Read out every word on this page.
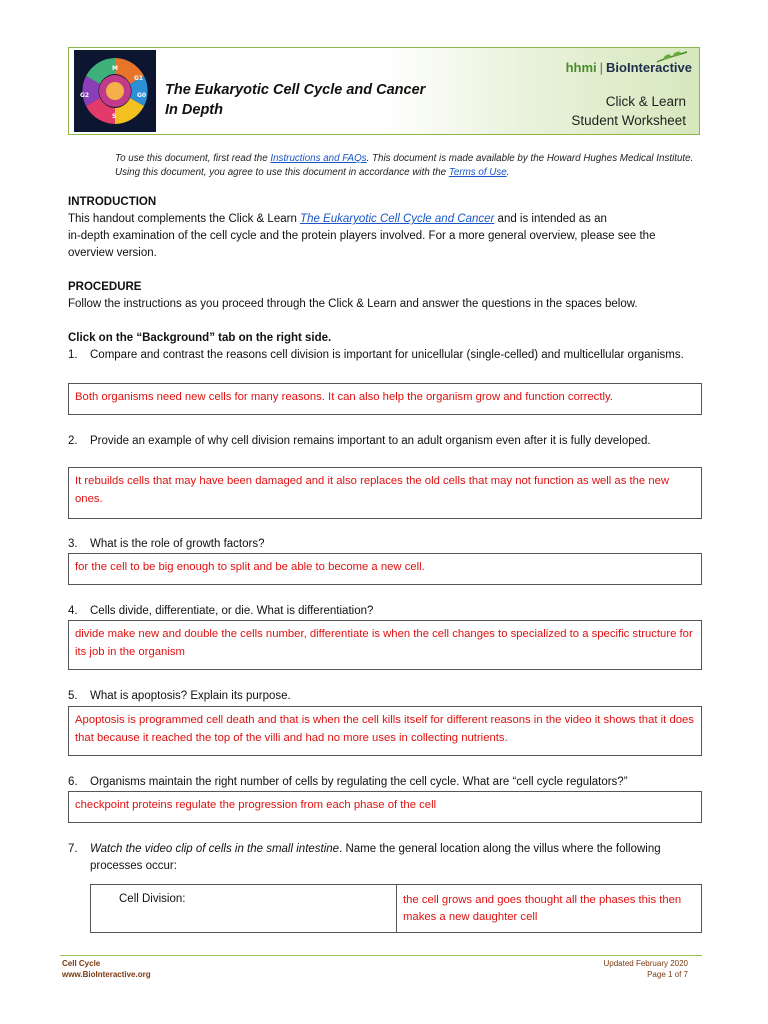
M
G1
G0
G2
S
The Eukaryotic Cell Cycle and Cancer
In Depth
hhmi | BioInteractive
Click & Learn
Student Worksheet
To use this document, first read the Instructions and FAQs. This document is made available by the Howard Hughes Medical Institute. Using this document, you agree to use this document in accordance with the Terms of Use.
INTRODUCTION
This handout complements the Click & Learn The Eukaryotic Cell Cycle and Cancer and is intended as an
in-depth examination of the cell cycle and the protein players involved. For a more general overview, please see the overview version.
PROCEDURE
Follow the instructions as you proceed through the Click & Learn and answer the questions in the spaces below.
Click on the “Background” tab on the right side.
1. Compare and contrast the reasons cell division is important for unicellular (single-celled) and multicellular organisms.
Both organisms need new cells for many reasons. It can also help the organism grow and function correctly.
2. Provide an example of why cell division remains important to an adult organism even after it is fully developed.
It rebuilds cells that may have been damaged and it also replaces the old cells that may not function as well as the new ones.
3. What is the role of growth factors?
for the cell to be big enough to split and be able to become a new cell.
4. Cells divide, differentiate, or die. What is differentiation?
divide make new and double the cells number, differentiate is when the cell changes to specialized to a specific structure for its job in the organism
5. What is apoptosis? Explain its purpose.
Apoptosis is programmed cell death and that is when the cell kills itself for different reasons in the video it shows that it does that because it reached the top of the villi and had no more uses in collecting nutrients.
6. Organisms maintain the right number of cells by regulating the cell cycle. What are “cell cycle regulators?”
checkpoint proteins regulate the progression from each phase of the cell
7. Watch the video clip of cells in the small intestine. Name the general location along the villus where the following processes occur:
Cell Division:	the cell grows and goes thought all the phases this then makes a new daughter cell
Cell Cycle
www.BioInteractive.org
Updated February 2020
Page 1 of 7
